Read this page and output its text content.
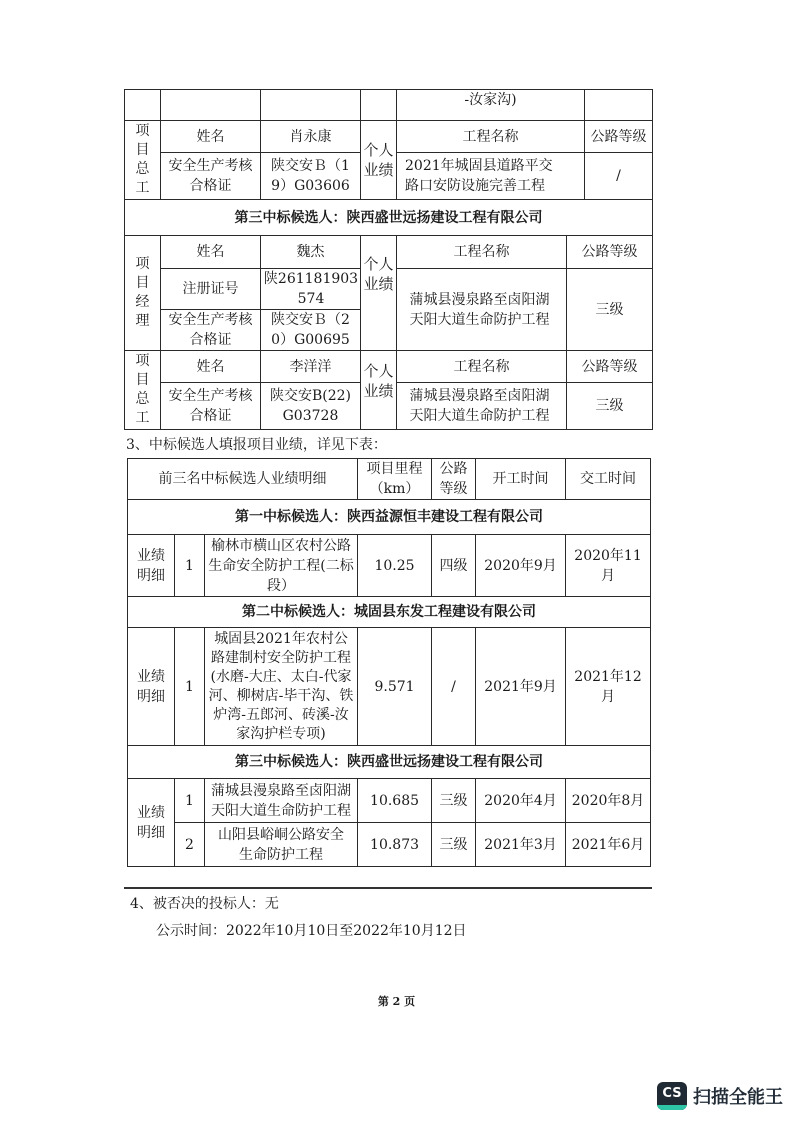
				-汝家沟)		
项目总工	姓名	肖永康	个人业绩	工程名称		公路等级
	安全生产考核合格证	陕交安Ｂ（19）G03606		2021年城固县道路平交路口安防设施完善工程		/
第三中标候选人：陕西盛世远扬建设工程有限公司						
项目经理	姓名	魏杰	个人业绩	工程名称	公路等级	
	注册证号	陕261181903574		蒲城县漫泉路至卤阳湖天阳大道生命防护工程	三级	
	安全生产考核合格证	陕交安Ｂ（20）G00695				
项目总工	姓名	李洋洋	个人业绩	工程名称	公路等级	
	安全生产考核合格证	陕交安B(22)G03728		蒲城县漫泉路至卤阳湖天阳大道生命防护工程	三级	
3、中标候选人填报项目业绩，详见下表：
前三名中标候选人业绩明细			项目里程（km）	公路等级	开工时间	交工时间
第一中标候选人：陕西益源恒丰建设工程有限公司						
业绩明细	1	榆林市横山区农村公路生命安全防护工程(二标段）	10.25	四级	2020年9月	2020年11月
第二中标候选人：城固县东发工程建设有限公司						
业绩明细	1	城固县2021年农村公路建制村安全防护工程(水磨-大庄、太白-代家河、柳树店-毕干沟、铁炉湾-五郎河、砖溪-汝家沟护栏专项)	9.571	/	2021年9月	2021年12月
第三中标候选人：陕西盛世远扬建设工程有限公司						
业绩明细	1	蒲城县漫泉路至卤阳湖天阳大道生命防护工程	10.685	三级	2020年4月	2020年8月
	2	山阳县峪峒公路安全生命防护工程	10.873	三级	2021年3月	2021年6月
4、被否决的投标人：无
公示时间：2022年10月10日至2022年10月12日
第 2 页
CS 扫描全能王
